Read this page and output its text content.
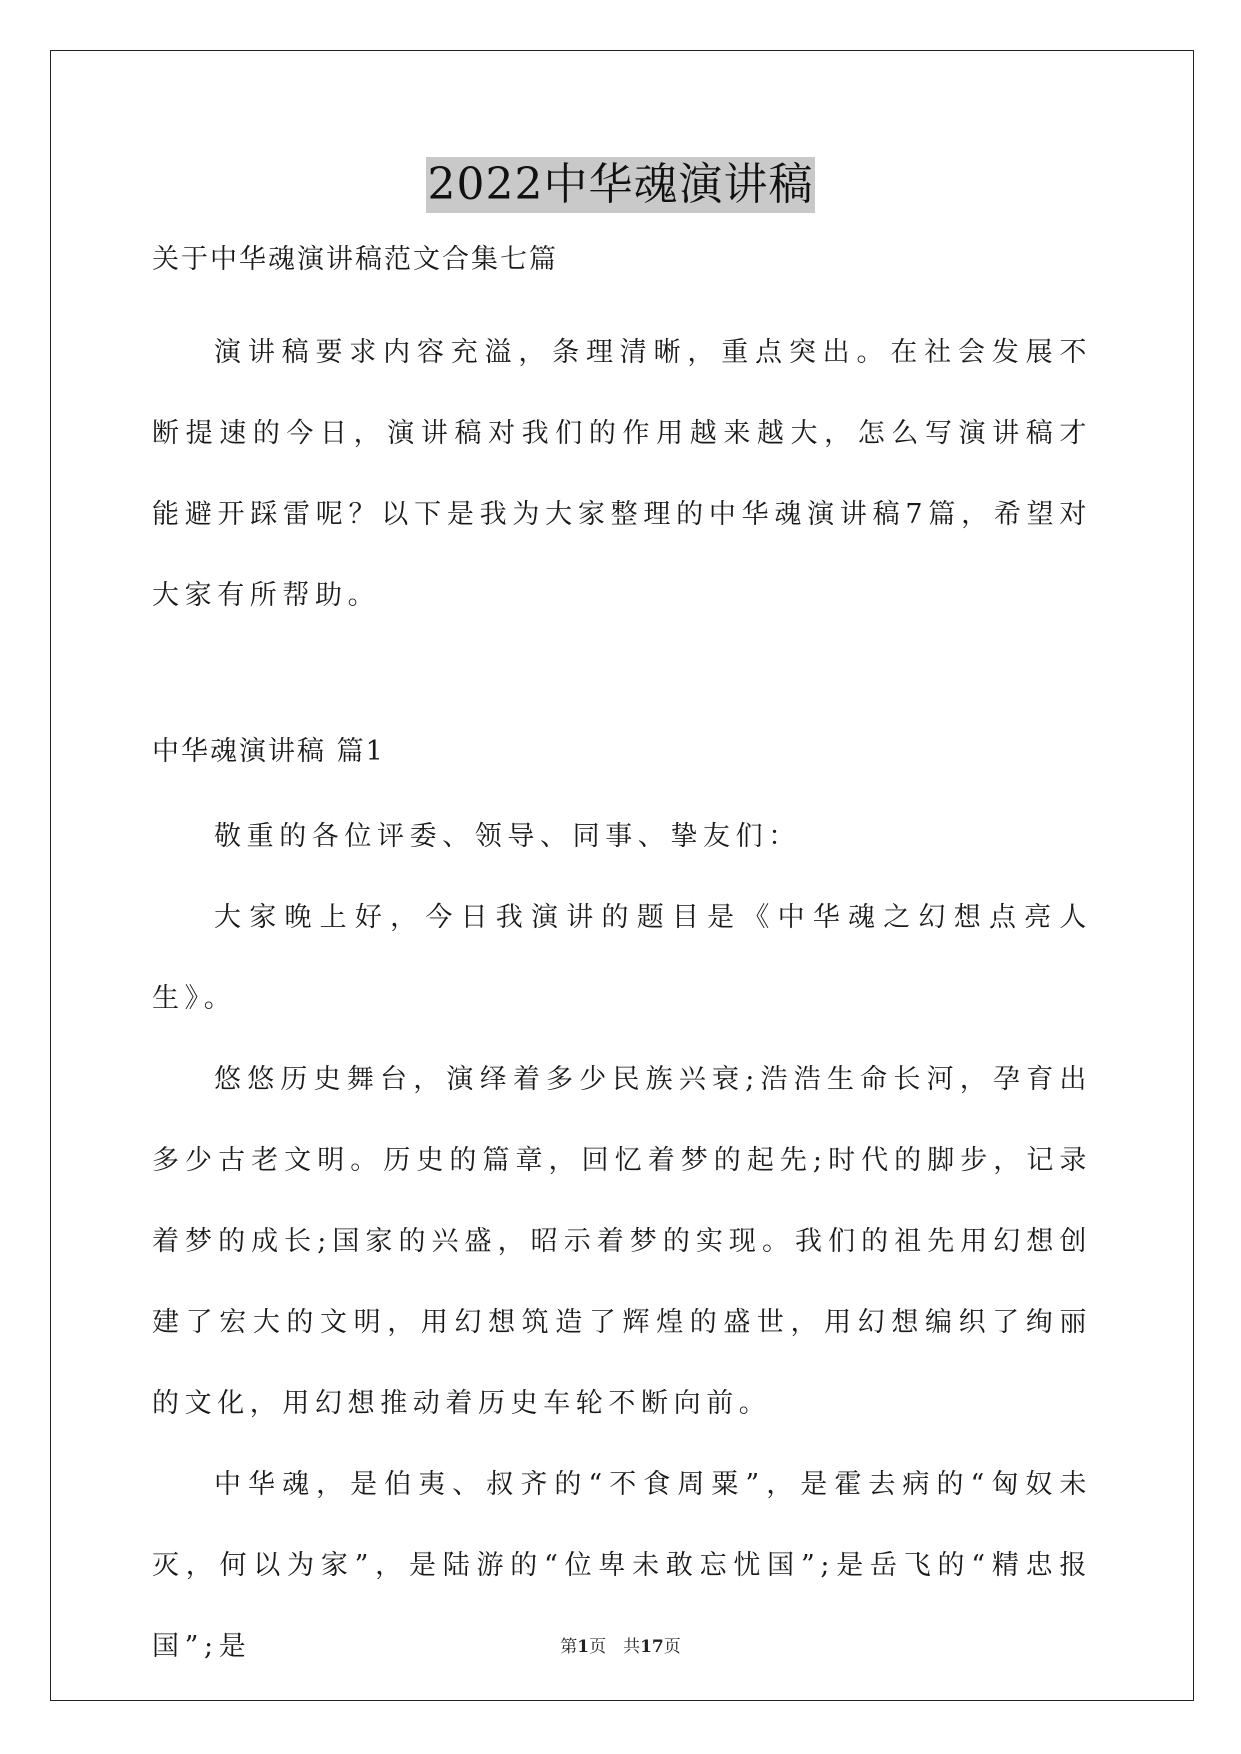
2022中华魂演讲稿

关于中华魂演讲稿范文合集七篇

演讲稿要求内容充溢，条理清晰，重点突出。在社会发展不断提速的今日，演讲稿对我们的作用越来越大，怎么写演讲稿才能避开踩雷呢？以下是我为大家整理的中华魂演讲稿7篇，希望对大家有所帮助。

中华魂演讲稿 篇1

敬重的各位评委、领导、同事、挚友们：

大家晚上好，今日我演讲的题目是《中华魂之幻想点亮人生》。

悠悠历史舞台，演绎着多少民族兴衰;浩浩生命长河，孕育出多少古老文明。历史的篇章，回忆着梦的起先;时代的脚步，记录着梦的成长;国家的兴盛，昭示着梦的实现。我们的祖先用幻想创建了宏大的文明，用幻想筑造了辉煌的盛世，用幻想编织了绚丽的文化，用幻想推动着历史车轮不断向前。

中华魂，是伯夷、叔齐的“不食周粟”，是霍去病的“匈奴未灭，何以为家”，是陆游的“位卑未敢忘忧国”;是岳飞的“精忠报国”;是	第1页　共17页
